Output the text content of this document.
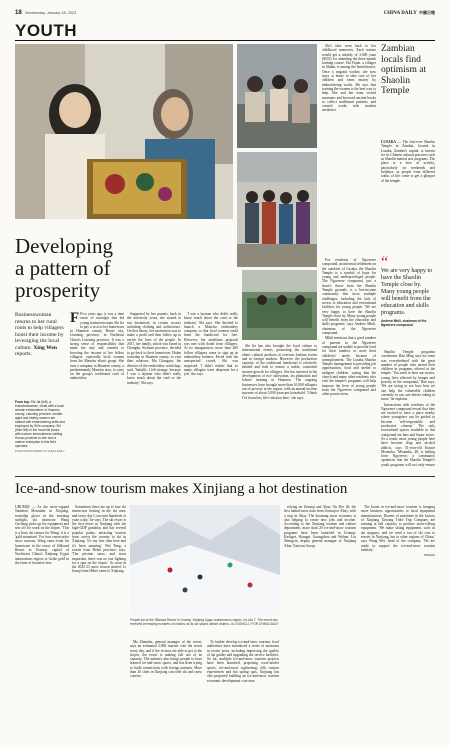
18 Wednesday, January 18, 2023	CHINA DAILY 中國日報
YOUTH

Shi's idea went back to her childhood memories. Each trainee would get a subsidy of 3,600 yuan ($535) for attending the three-month training course. Shi Yujun, a villager in Shilan, is among the beneficiaries. Once a migrant worker, she now stays at home to take care of her children and earns money by embroidering works. Shi says that training the women is the best way to help. She and her team visited museums and browsed ancient books to collect traditional patterns, and created works with modern aesthetics.

Zambian locals find optimism at Shaolin Temple
Developing
a pattern of
prosperity
Businesswoman returns to her rural roots to help villagers boost their income by leveraging the local culture. Xing Wen reports.
From top: Shi Jia (left), a businesswoman, chats with a local woman embroiderer in Huanren county, Liaoning province; middle-aged and elderly women are trained with embroidering skills and employed by Shi's company; Shi (third left) in the local hat poses with women embroiderers visiting Hunan province to see how a mature enterprise in this field operates.
PHOTOS PROVIDED TO CHINA DAILY
F Five years ago, it was a time sense of nostalgia that led young businesswoman Shi Jia to pay a visit to her hometown in Huanren county, Benxi city, Liaoning province, in Northeast China's Liaoning province. It was a strong sense of responsibility that made her stay and commit to boosting the income of her fellow villagers, especially local women from the Manchu ethnic group. She runs a company in Huanren county, a predominantly Manchu area, to carry on the group's traditional craft of embroidery.

Supported by her parents, back in the university years, she started to run businesses in certain sectors including clothing and architecture. On that theory, her motivation was to make a profit and then follow up to enrich the lives of the people. In 2017, her family, which was based in Chengdu, Sichuan province, decided to go back to their hometown, Hulan township in Huanren county, to visit their relatives. Ma Changxin, the director of the embroidery workshop, said, 'Initially, I felt strange, because I was a layman who didn't really know much about the craft or the industry,' Shi says.

'I was a layman who didn't really know much about the craft or the industry,' Shi says. She decided to launch a Manchu embroidery company so that local women could learn the handicraft for free. However, her ambitious proposal was met with doubt from villagers. At its inauguration, more than 400 fellow villagers came to sign up as embroidery trainees. Faced with the unexpected crowd, Shi was surprised. 'I didn't realize that so many villagers were desperate for a job,' she says.

Shi Jia has also brought the local culture to international events, promoting the traditional ethnic cultural products at overseas fashion events and in foreign markets. However, the production capacity of the traditional handicraft is relatively limited and fails to ensure a stable, consistent income growth for villagers. She has invested in the development of rice cultivation, tea plantation and lobster farming in Huanren. The ongoing businesses have brought more than 10,000 villagers out of poverty in the region, with an annual income increase of about 3,000 yuan per household. 'I think I've found my life's mission here,' she says.

LUSAKA — The first-ever Shaolin Temple in Zambia, located in Lusaka, Zambia's capital, is known for its Chinese cultural practices such as Shaolin martial arts programs. The place is a hive of activity, particularly on weekends and holidays, as people from different walks of life come to get a glimpse of the temple.

For residents of Ngwerere compound, an informal settlement on the outskirts of Lusaka, the Shaolin Temple is a symbol of hope for young and underprivileged people. The Ngwerere compound, just a stone's throw from the Shaolin Temple grounds, is a low-income community that faces multiple challenges, including the lack of access to education and recreational facilities for young people. 'We are very happy to have the Shaolin Temple close by. Many young people will benefit from the education and skills programs,' says Andrew Mbili, chairman of the Ngwerere compound.

Mbili mentions that a good number of parents in the Ngwerere compound are unable to provide food for their families or meet their children's needs because of unemployment. The Lusaka Shaolin Temple management is providing job opportunities, food and shelter to indigent children, saying that the church and many other residents who visit the temple's programs will help improve the lives of young people from the Ngwerere compound and other poorer areas.

“
We are very happy to have the Shaolin Temple close by. Many young people will benefit from the education and skills programs.
Andrew Mbili, chairman of the Ngwerere compound

Shaolin Temple programs coordinator Han Ming says his team was overwhelmed with the great number of people who attend their children in programs offered at the temple. 'You need to hear our stories, young lives affected by hunger and poverty in the compound,' Han says. 'We are trying to see how best we can help the vulnerable children currently in our care before taking in more,' he explains.

Interactions with residents of the Ngwerere compound reveal that they are excited to have a place nearby where youngsters can be guided to become 'self-responsible and productive citizens.' The only recreational spaces available in this compound are bars and liquor stores. As a result, most young people here have become drug and alcohol addicts, says 51-year-old Eunice Mwamba. 'Mwamba, 48, is hailing from Ngwerere, a community optimistic that the Shaolin Temple's youth programs will not only ensure

Ice-and-snow tourism makes Xinjiang a hot destination
People ski at the Silkroad Resort in Urumqi, Xinjiang Uygur autonomous region, on Jan 7. The resort has received increasing numbers of visitors as its ski slopes attract visitors. LIU DONGLI / FOR CHINA DAILY

URUMQI — As the snow-capped Nanshan Mountain in Xinjiang, township glows in the morning sunlight, ski instructor Wang Gecheng picks up his equipment and sets off for work on the slopes. 'This is a busy ski season for Wang; it is a 'gold mountain'. For four consecutive snow seasons, Wang came from his hometown in the resort of Silkroad Resort in Urumqi, capital of Northwest China's Xinjiang Uygur autonomous region, to 'strike gold' in the form of lucrative fees.

Sometimes there are up to four ski instructors hosting in the ski area, and every day I can earn hundreds of yuan a day,' he says. The ski resort is the first resort in Xinjiang with the high-GDP gondolas and has several popular points, attracting tourists from across the country to ski in Xinjiang. 'It's my first time here and it's been amazing,' Wei Pang, a tourist from Hebei province, says. 'The pristine snow, and most important, there was no one fighting for a spot on the slopes.' As soon as the 2022-23 snow season started, Li Jianqi from Hebei came to Xinjiang.

Ma Zhanzhu, general manager of the resort, says an estimated 2,000 tourists visit the resort every day, and if the visitors are able to get to the slopes, the resort is making full use of its capacity. The industry also brings people to have learned ice-and-snow sports, and has been trying to build connections with foreign partners. More than 20 cities in Xinjiang can offer ski and snow courses.

To further develop ice-and-snow tourism, local authorities have introduced a series of measures in recent years, including improving the quality of ski guides and upgrading the service facilities. So far, multiple ice-and-snow tourism projects have been launched, proposing cross-border sports, ice-and-snow sightseeing, folk custom experiences and hot spring spas. Xinjiang has also proposed building an ice-and-snow tourism economic development core area.

relying on Urumqi and Altay. On Dec 26, the first inland snow train from Urumqi to Altay, with a stop in Altay. The booming snow economy is also helping to create new jobs and income. According to the Xinjiang tourism and culture department, more than 20 ice-and-snow tourism programs have been launched in Urumqi, Kashgar, Shangai, Guangzhou and Wuhan. Liu Shengyin, deputy general manager of Xinjiang Altay Tourism Group.

The boom in ice-and-snow tourism is bringing more business opportunities to local equipment manufacturers. Dozens of machines in the factory of Xinjiang Xinxing Trike Trip Company are running at full capacity to produce snow-rolling equipment. 'We make skiing equipment, such as ski stoppers, and we send a ton of ski cars to resorts in Xinjiang, but to other regions of China,' says Wang Wei, head of the company. 'We are ready to support the ice-and-snow tourism industry.'

XINHUA
